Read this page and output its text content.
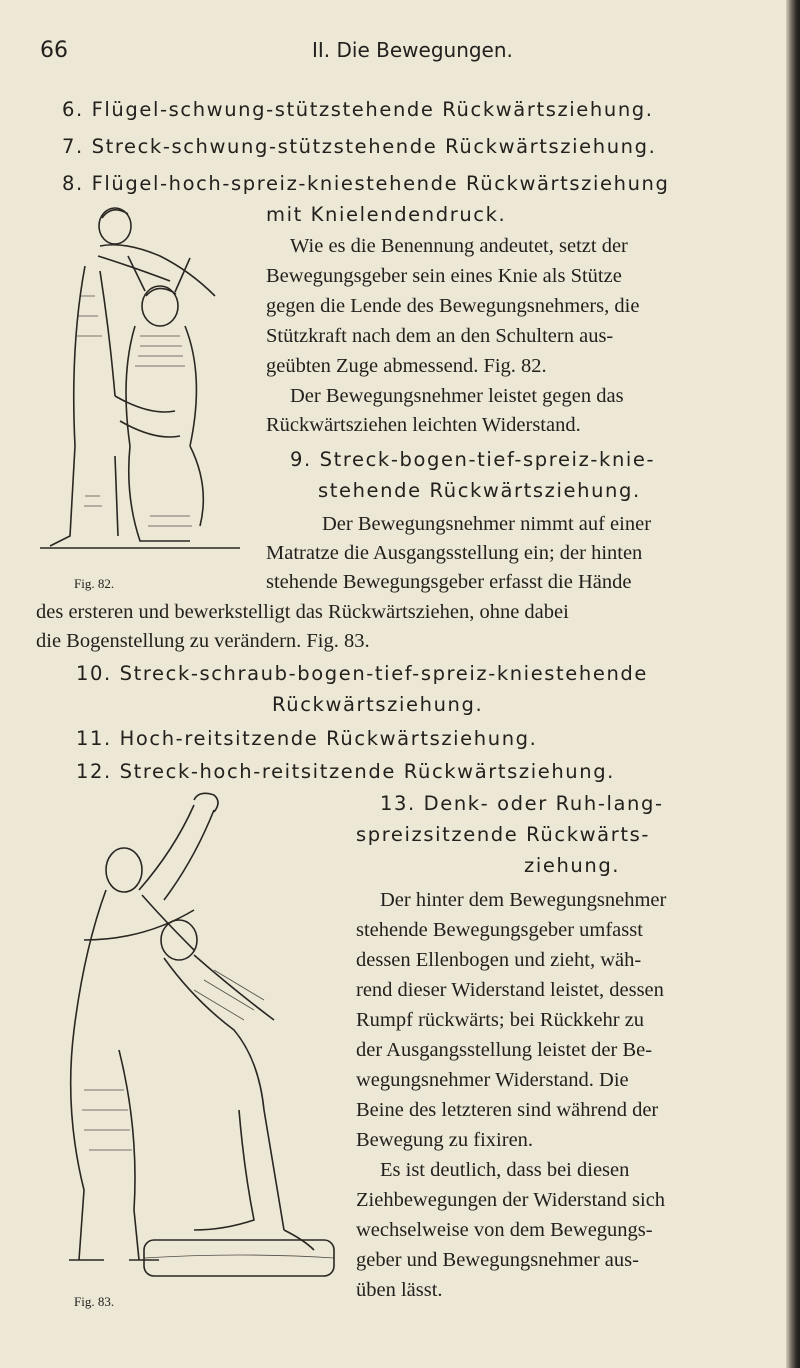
66	II. Die Bewegungen.
6. Flügel-schwung-stützstehende Rückwärtsziehung.
7. Streck-schwung-stützstehende Rückwärtsziehung.
8. Flügel-hoch-spreiz-kniestehende Rückwärtsziehung
mit Knielendendruck.
Wie es die Benennung andeutet, setzt der
Bewegungsgeber sein eines Knie als Stütze
gegen die Lende des Bewegungsnehmers, die
Stützkraft nach dem an den Schultern aus-
geübten Zuge abmessend. Fig. 82.
Der Bewegungsnehmer leistet gegen das
Rückwärtsziehen leichten Widerstand.
9. Streck-bogen-tief-spreiz-knie-
stehende Rückwärtsziehung.
Der Bewegungsnehmer nimmt auf einer
Matratze die Ausgangsstellung ein; der hinten
stehende Bewegungsgeber erfasst die Hände
des ersteren und bewerkstelligt das Rückwärtsziehen, ohne dabei
die Bogenstellung zu verändern. Fig. 83.
10. Streck-schraub-bogen-tief-spreiz-kniestehende
Rückwärtsziehung.
11. Hoch-reitsitzende Rückwärtsziehung.
12. Streck-hoch-reitsitzende Rückwärtsziehung.
13. Denk- oder Ruh-lang-
spreizsitzende Rückwärts-
ziehung.
Der hinter dem Bewegungsnehmer
stehende Bewegungsgeber umfasst
dessen Ellenbogen und zieht, wäh-
rend dieser Widerstand leistet, dessen
Rumpf rückwärts; bei Rückkehr zu
der Ausgangsstellung leistet der Be-
wegungsnehmer Widerstand. Die
Beine des letzteren sind während der
Bewegung zu fixiren.
Es ist deutlich, dass bei diesen
Ziehbewegungen der Widerstand sich
wechselweise von dem Bewegungs-
geber und Bewegungsnehmer aus-
üben lässt.
Fig. 82.
Fig. 83.
